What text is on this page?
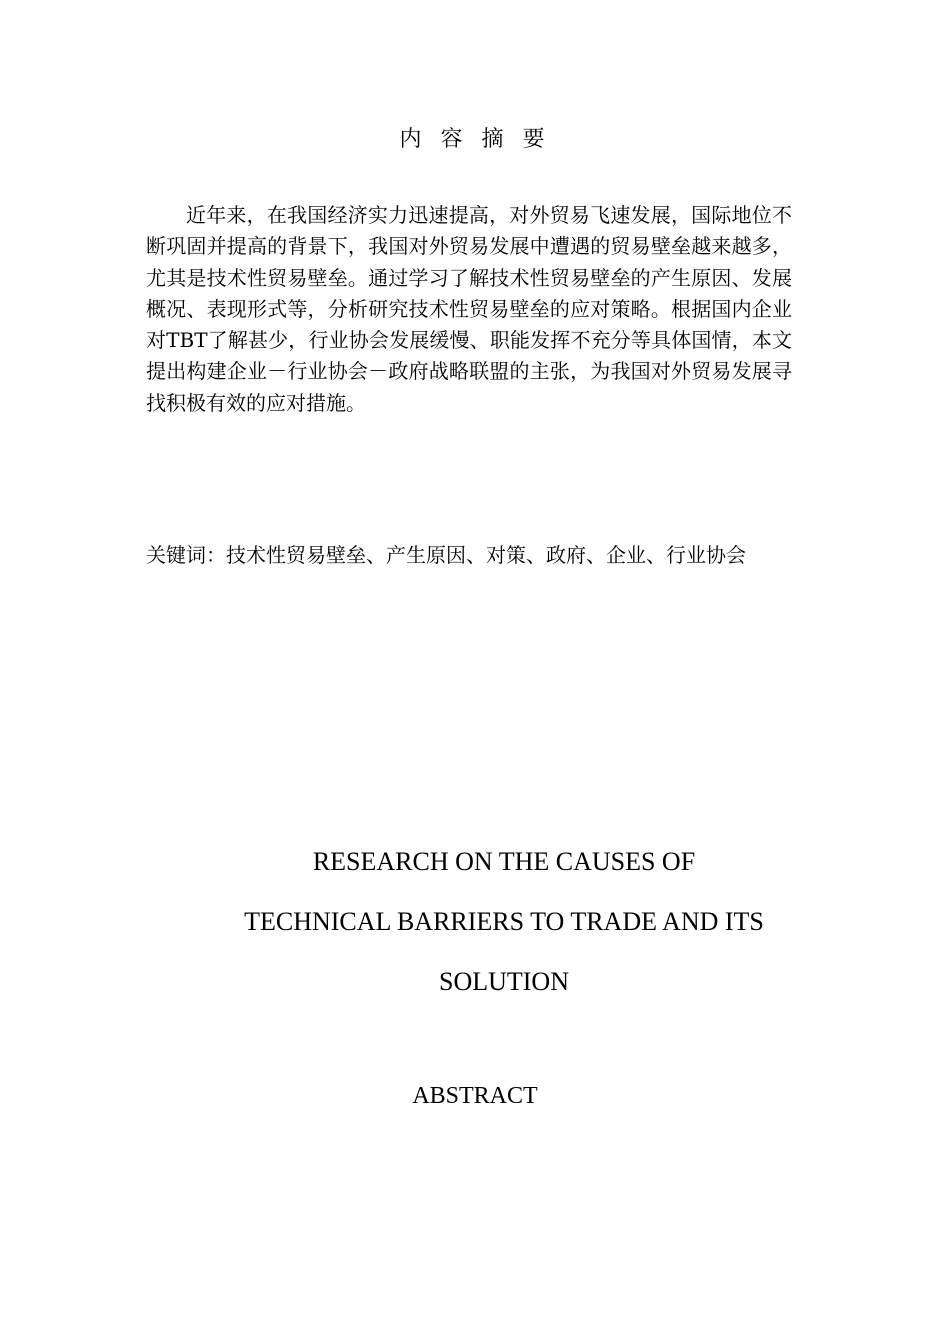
内 容 摘 要

近年来，在我国经济实力迅速提高，对外贸易飞速发展，国际地位不断巩固并提高的背景下，我国对外贸易发展中遭遇的贸易壁垒越来越多，尤其是技术性贸易壁垒。通过学习了解技术性贸易壁垒的产生原因、发展概况、表现形式等，分析研究技术性贸易壁垒的应对策略。根据国内企业对TBT了解甚少，行业协会发展缓慢、职能发挥不充分等具体国情，本文提出构建企业－行业协会－政府战略联盟的主张，为我国对外贸易发展寻找积极有效的应对措施。

关键词：技术性贸易壁垒、产生原因、对策、政府、企业、行业协会

RESEARCH ON THE CAUSES OF
TECHNICAL BARRIERS TO TRADE AND ITS
SOLUTION
ABSTRACT
